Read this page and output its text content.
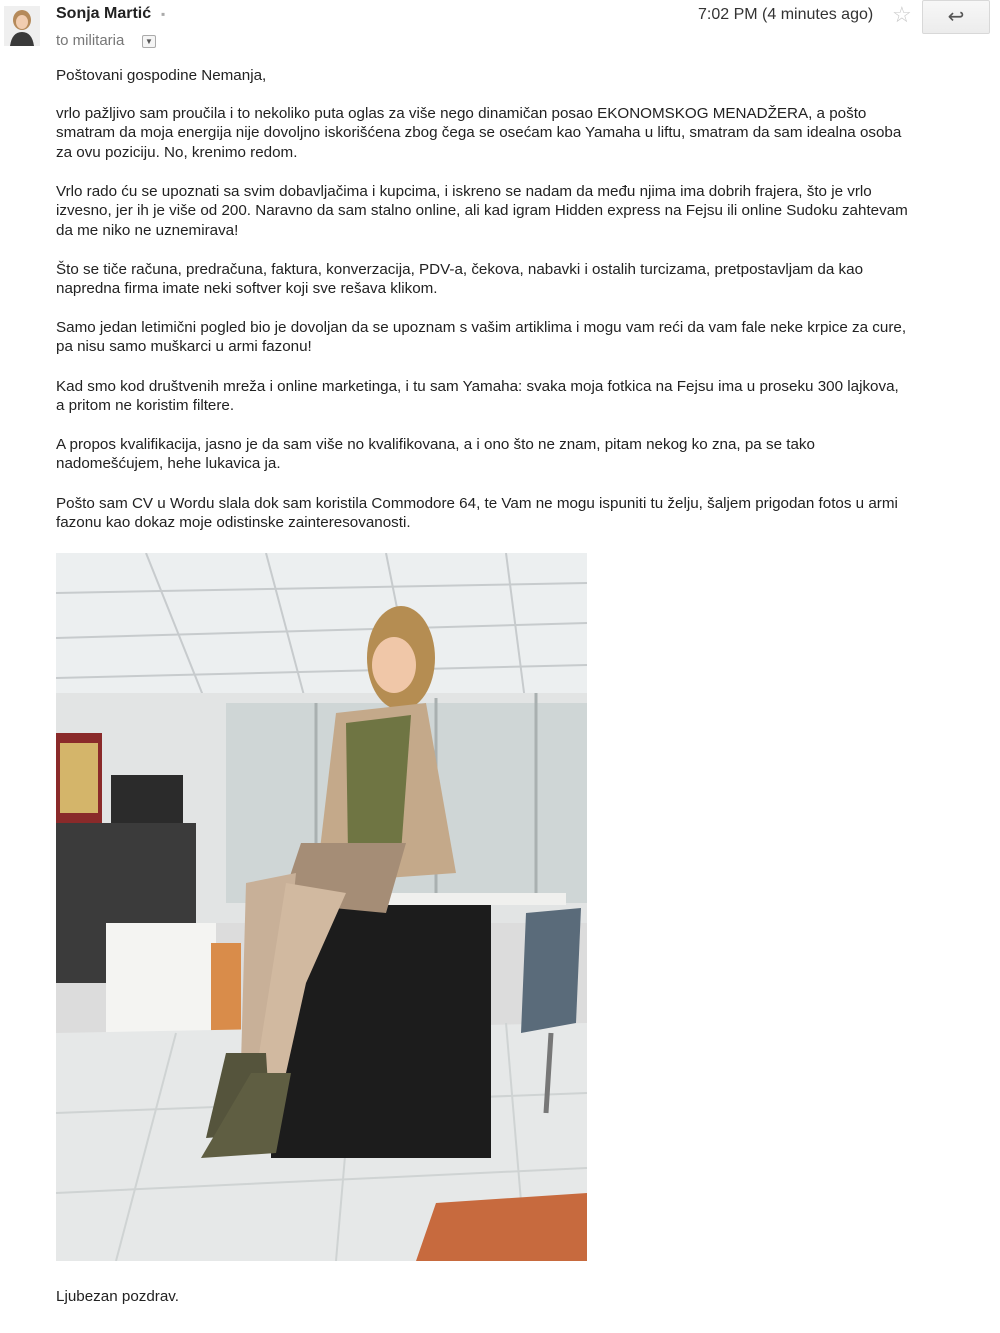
Sonja Martić ▪
to militaria	▼
7:02 PM (4 minutes ago) ☆	↩

Poštovani gospodine Nemanja,

vrlo pažljivo sam proučila i to nekoliko puta oglas za više nego dinamičan posao EKONOMSKOG MENADŽERA, a pošto
smatram da moja energija nije dovoljno iskorišćena zbog čega se osećam kao Yamaha u liftu, smatram da sam idealna osoba
za ovu poziciju. No, krenimo redom.

Vrlo rado ću se upoznati sa svim dobavljačima i kupcima, i iskreno se nadam da među njima ima dobrih frajera, što je vrlo
izvesno, jer ih je više od 200. Naravno da sam stalno online, ali kad igram Hidden express na Fejsu ili online Sudoku zahtevam
da me niko ne uznemirava!

Što se tiče računa, predračuna, faktura, konverzacija, PDV-a, čekova, nabavki i ostalih turcizama, pretpostavljam da kao
napredna firma imate neki softver koji sve rešava klikom.

Samo jedan letimični pogled bio je dovoljan da se upoznam s vašim artiklima i mogu vam reći da vam fale neke krpice za cure,
pa nisu samo muškarci u armi fazonu!

Kad smo kod društvenih mreža i online marketinga, i tu sam Yamaha: svaka moja fotkica na Fejsu ima u proseku 300 lajkova,
a pritom ne koristim filtere.

A propos kvalifikacija, jasno je da sam više no kvalifikovana, a i ono što ne znam, pitam nekog ko zna, pa se tako
nadomešćujem, hehe lukavica ja.

Pošto sam CV u Wordu slala dok sam koristila Commodore 64, te Vam ne mogu ispuniti tu želju, šaljem prigodan fotos u armi
fazonu kao dokaz moje odistinske zainteresovanosti.

Ljubezan pozdrav.
